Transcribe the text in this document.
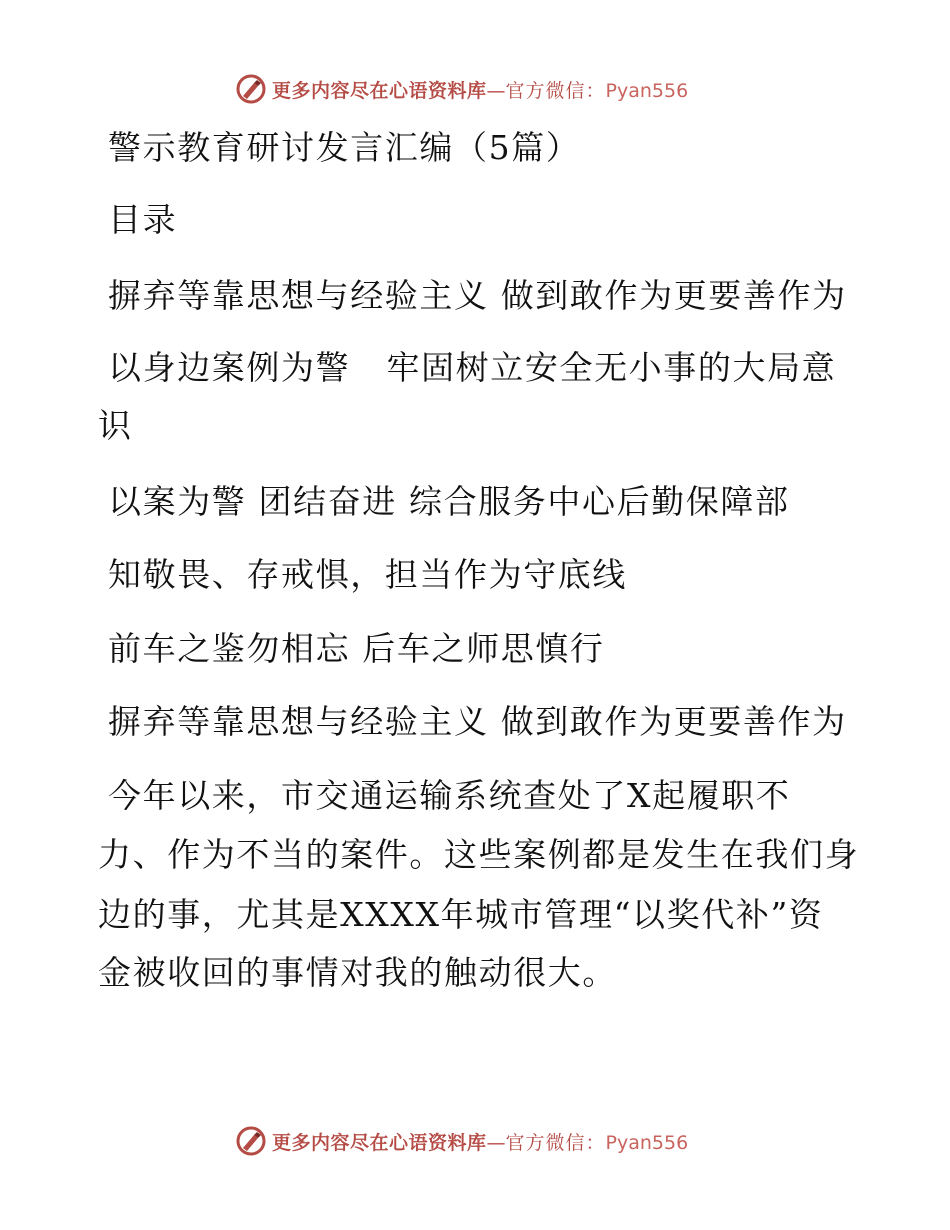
更多内容尽在心语资料库—官方微信：Pyan556
警示教育研讨发言汇编（5篇）
目录
摒弃等靠思想与经验主义 做到敢作为更要善作为
以身边案例为警   牢固树立安全无小事的大局意
识
以案为警 团结奋进 综合服务中心后勤保障部
知敬畏、存戒惧，担当作为守底线
前车之鉴勿相忘 后车之师思慎行
摒弃等靠思想与经验主义 做到敢作为更要善作为
今年以来，市交通运输系统查处了X起履职不
力、作为不当的案件。这些案例都是发生在我们身
边的事，尤其是XXXX年城市管理“以奖代补”资
金被收回的事情对我的触动很大。
更多内容尽在心语资料库—官方微信：Pyan556
